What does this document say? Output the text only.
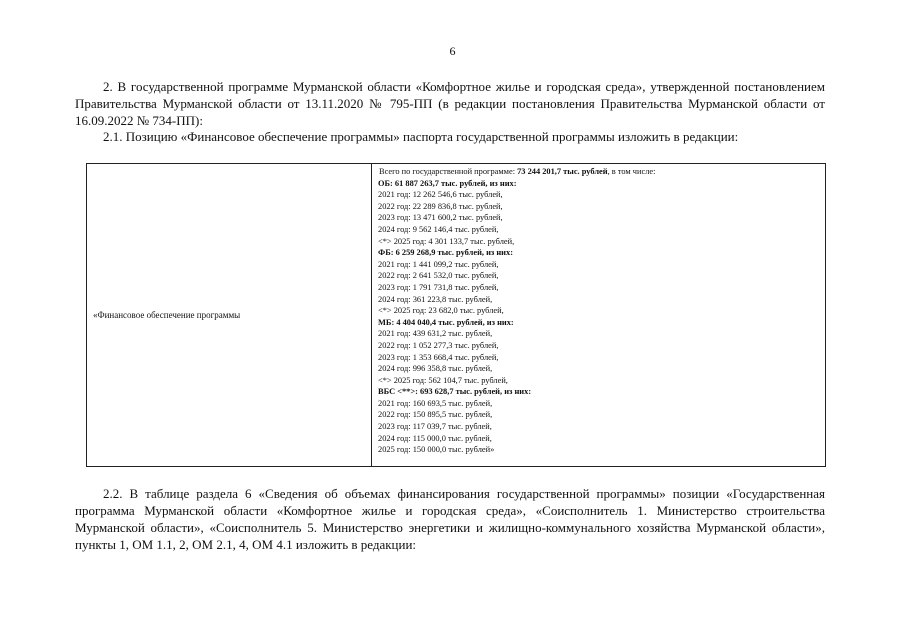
6
2. В государственной программе Мурманской области «Комфортное жилье и городская среда», утвержденной постановлением Правительства Мурманской области от 13.11.2020 № 795-ПП (в редакции постановления Правительства Мурманской области от 16.09.2022 № 734-ПП):
2.1. Позицию «Финансовое обеспечение программы» паспорта государственной программы изложить в редакции:
«Финансовое обеспечение программы
Всего по государственной программе: 73 244 201,7 тыс. рублей, в том числе:
ОБ: 61 887 263,7 тыс. рублей, из них:
2021 год: 12 262 546,6 тыс. рублей,
2022 год: 22 289 836,8 тыс. рублей,
2023 год: 13 471 600,2 тыс. рублей,
2024 год: 9 562 146,4 тыс. рублей,
<*> 2025 год: 4 301 133,7 тыс. рублей,
ФБ: 6 259 268,9 тыс. рублей, из них:
2021 год: 1 441 099,2 тыс. рублей,
2022 год: 2 641 532,0 тыс. рублей,
2023 год: 1 791 731,8 тыс. рублей,
2024 год: 361 223,8 тыс. рублей,
<*> 2025 год: 23 682,0 тыс. рублей,
МБ: 4 404 040,4 тыс. рублей, из них:
2021 год: 439 631,2 тыс. рублей,
2022 год: 1 052 277,3 тыс. рублей,
2023 год: 1 353 668,4 тыс. рублей,
2024 год: 996 358,8 тыс. рублей,
<*> 2025 год: 562 104,7 тыс. рублей,
ВБС <**>: 693 628,7 тыс. рублей, из них:
2021 год: 160 693,5 тыс. рублей,
2022 год: 150 895,5 тыс. рублей,
2023 год: 117 039,7 тыс. рублей,
2024 год: 115 000,0 тыс. рублей,
2025 год: 150 000,0 тыс. рублей»
2.2. В таблице раздела 6 «Сведения об объемах финансирования государственной программы» позиции «Государственная программа Мурманской области «Комфортное жилье и городская среда», «Соисполнитель 1. Министерство строительства Мурманской области», «Соисполнитель 5. Министерство энергетики и жилищно-коммунального хозяйства Мурманской области», пункты 1, ОМ 1.1, 2, ОМ 2.1, 4, ОМ 4.1 изложить в редакции:
